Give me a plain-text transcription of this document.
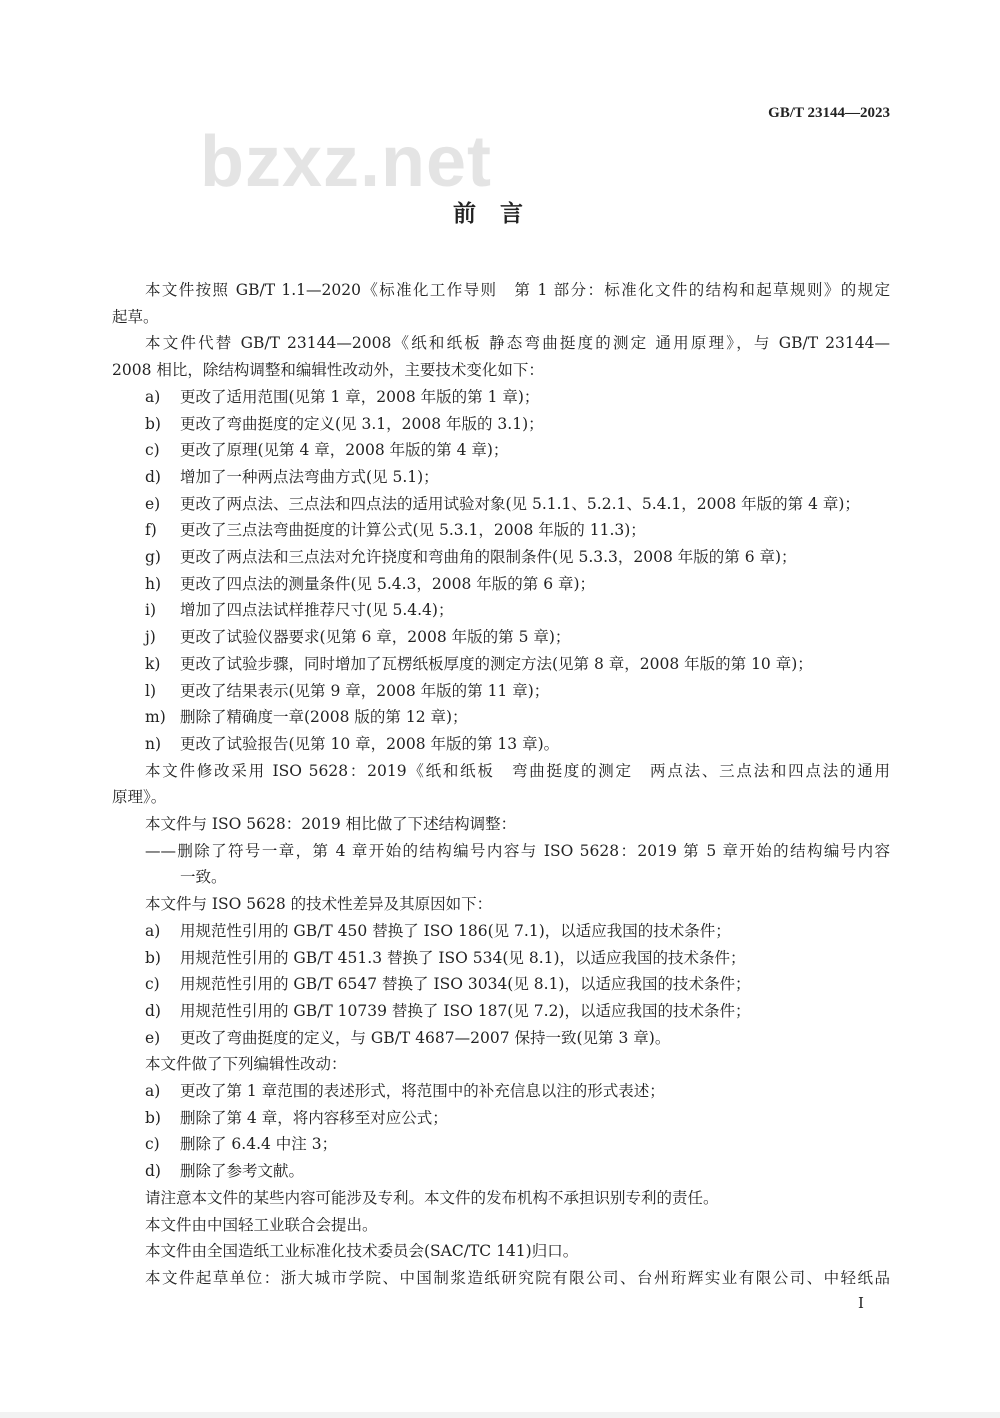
GB/T 23144—2023
bzxz.net
前言
本文件按照 GB/T 1.1—2020《标准化工作导则　第 1 部分：标准化文件的结构和起草规则》的规定
起草。
本文件代替 GB/T 23144—2008《纸和纸板 静态弯曲挺度的测定 通用原理》，与 GB/T 23144—
2008 相比，除结构调整和编辑性改动外，主要技术变化如下：
a) 更改了适用范围(见第 1 章，2008 年版的第 1 章)；
b) 更改了弯曲挺度的定义(见 3.1，2008 年版的 3.1)；
c) 更改了原理(见第 4 章，2008 年版的第 4 章)；
d) 增加了一种两点法弯曲方式(见 5.1)；
e) 更改了两点法、三点法和四点法的适用试验对象(见 5.1.1、5.2.1、5.4.1，2008 年版的第 4 章)；
f) 更改了三点法弯曲挺度的计算公式(见 5.3.1，2008 年版的 11.3)；
g) 更改了两点法和三点法对允许挠度和弯曲角的限制条件(见 5.3.3，2008 年版的第 6 章)；
h) 更改了四点法的测量条件(见 5.4.3，2008 年版的第 6 章)；
i) 增加了四点法试样推荐尺寸(见 5.4.4)；
j) 更改了试验仪器要求(见第 6 章，2008 年版的第 5 章)；
k) 更改了试验步骤，同时增加了瓦楞纸板厚度的测定方法(见第 8 章，2008 年版的第 10 章)；
l) 更改了结果表示(见第 9 章，2008 年版的第 11 章)；
m) 删除了精确度一章(2008 版的第 12 章)；
n) 更改了试验报告(见第 10 章，2008 年版的第 13 章)。
本文件修改采用 ISO 5628：2019《纸和纸板　弯曲挺度的测定　两点法、三点法和四点法的通用
原理》。
本文件与 ISO 5628：2019 相比做了下述结构调整：
——删除了符号一章，第 4 章开始的结构编号内容与 ISO 5628：2019 第 5 章开始的结构编号内容
一致。
本文件与 ISO 5628 的技术性差异及其原因如下：
a) 用规范性引用的 GB/T 450 替换了 ISO 186(见 7.1)，以适应我国的技术条件；
b) 用规范性引用的 GB/T 451.3 替换了 ISO 534(见 8.1)，以适应我国的技术条件；
c) 用规范性引用的 GB/T 6547 替换了 ISO 3034(见 8.1)，以适应我国的技术条件；
d) 用规范性引用的 GB/T 10739 替换了 ISO 187(见 7.2)，以适应我国的技术条件；
e) 更改了弯曲挺度的定义，与 GB/T 4687—2007 保持一致(见第 3 章)。
本文件做了下列编辑性改动：
a) 更改了第 1 章范围的表述形式，将范围中的补充信息以注的形式表述；
b) 删除了第 4 章，将内容移至对应公式；
c) 删除了 6.4.4 中注 3；
d) 删除了参考文献。
请注意本文件的某些内容可能涉及专利。本文件的发布机构不承担识别专利的责任。
本文件由中国轻工业联合会提出。
本文件由全国造纸工业标准化技术委员会(SAC/TC 141)归口。
本文件起草单位：浙大城市学院、中国制浆造纸研究院有限公司、台州珩辉实业有限公司、中轻纸品
I
